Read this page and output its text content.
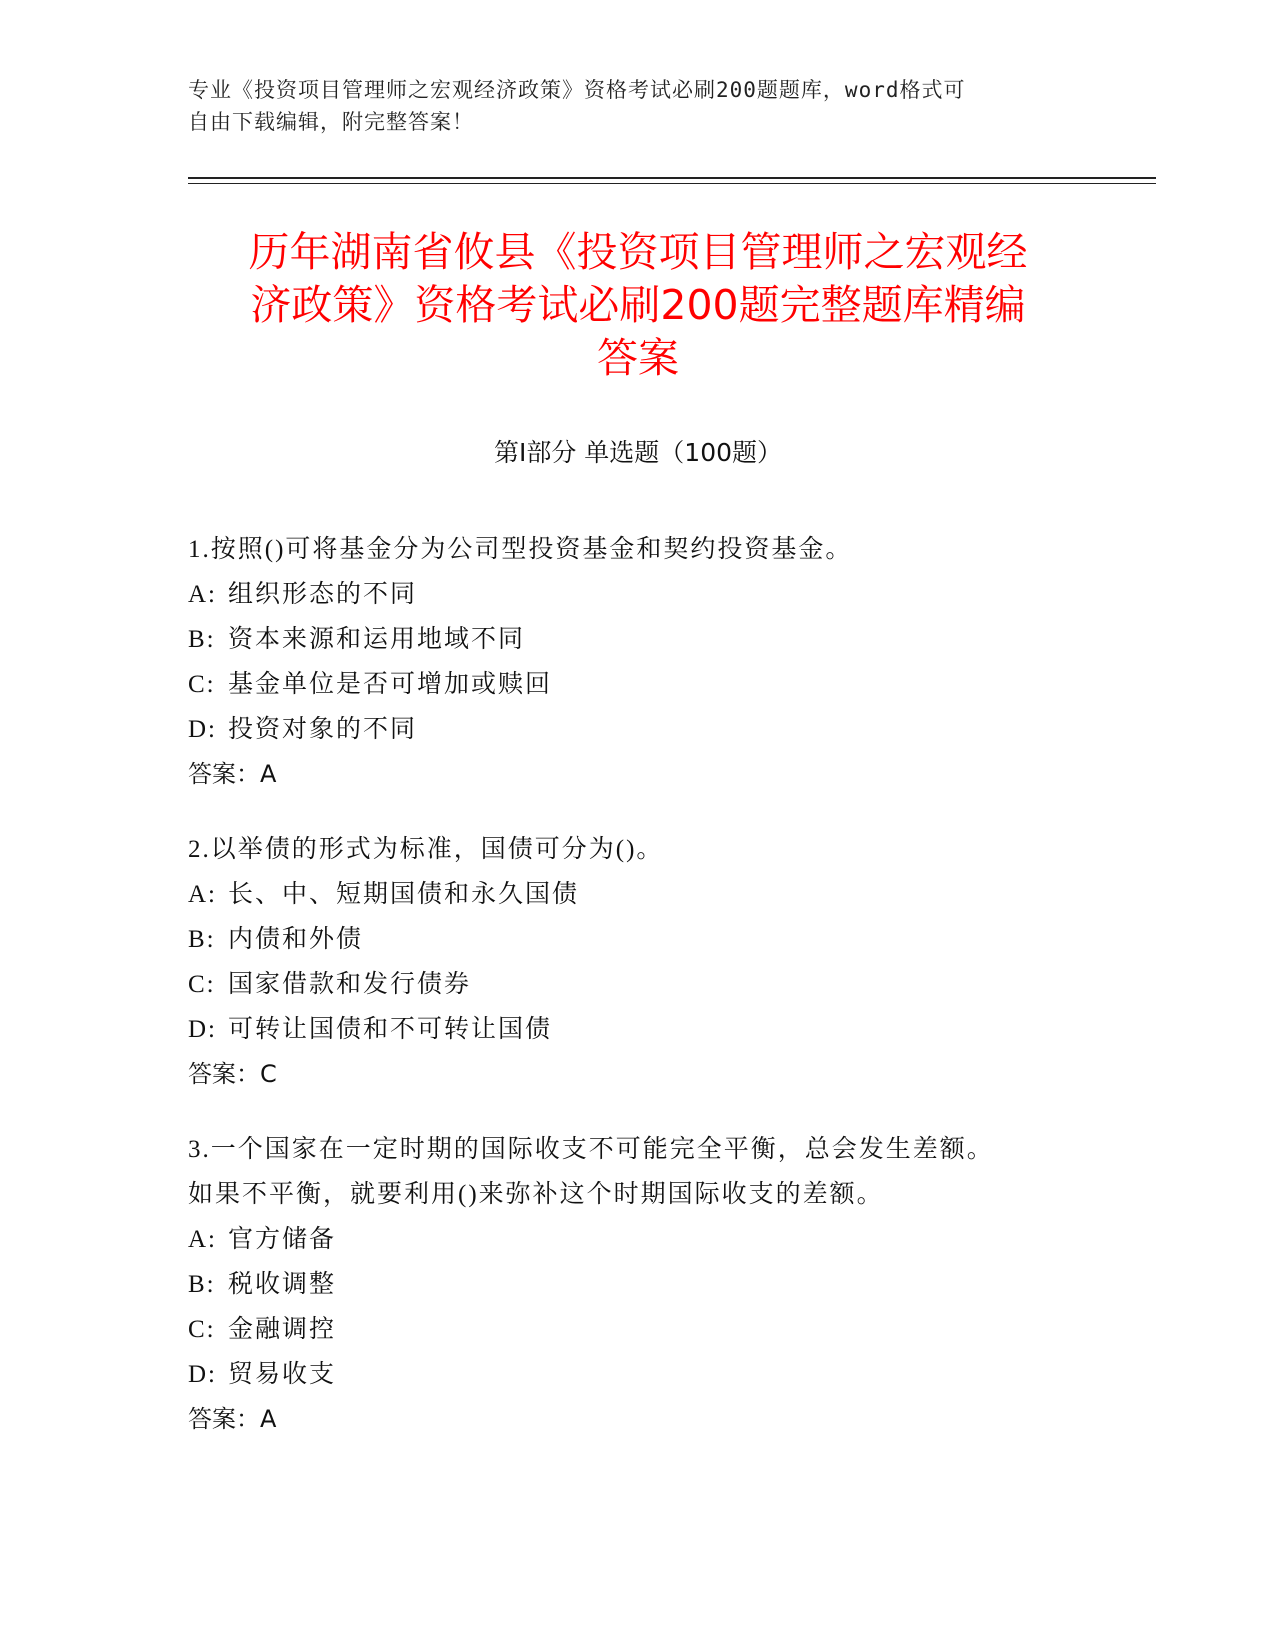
专业《投资项目管理师之宏观经济政策》资格考试必刷200题题库，word格式可
自由下载编辑，附完整答案！
历年湖南省攸县《投资项目管理师之宏观经
济政策》资格考试必刷200题完整题库精编
答案
第Ⅰ部分 单选题（100题）
1.按照()可将基金分为公司型投资基金和契约投资基金。
A: 组织形态的不同
B: 资本来源和运用地域不同
C: 基金单位是否可增加或赎回
D: 投资对象的不同
答案：A
2.以举债的形式为标准，国债可分为()。
A: 长、中、短期国债和永久国债
B: 内债和外债
C: 国家借款和发行债券
D: 可转让国债和不可转让国债
答案：C
3.一个国家在一定时期的国际收支不可能完全平衡，总会发生差额。
如果不平衡，就要利用()来弥补这个时期国际收支的差额。
A: 官方储备
B: 税收调整
C: 金融调控
D: 贸易收支
答案：A
